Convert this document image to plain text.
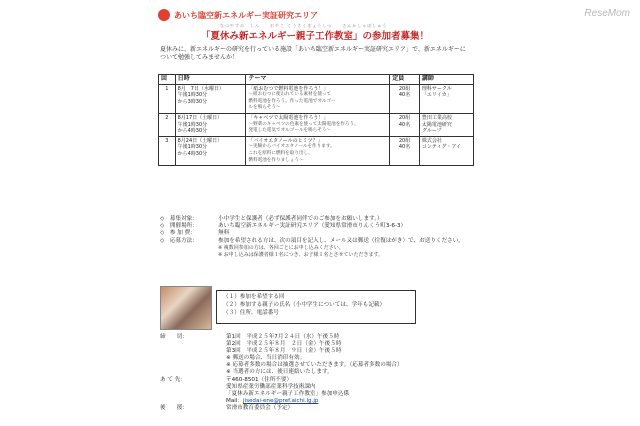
ReseMom
あいち臨空新エネルギー実証研究エリア
なつやすみ　しん　　おやこ こうさくきょうしつ　　さんかしゃぼしゅう
「夏休み新エネルギー親子工作教室」の参加者募集！
夏休みに、新エネルギーの研究を行っている施設「あいち臨空新エネルギー実証研究エリア」で、新エネルギーについて勉強してみませんか！
回	日時	テーマ	定員	講師
1	8月　7日（水曜日）
午後1時30分
から3時30分	「紙おむつで燃料電池を作ろう！」
～紙おむつに使われている素材を使って
燃料電池を作ろう。作った電池でオルゴー
ルを鳴らそう～	20組
40名	理科サークル
「エリイカ」

2	8月17日（土曜日）
午後1時30分
から4時30分	「キャベツで太陽電池を作ろう！」
～野菜のキャベツの色素を使って太陽電池を作ろう。
発電した電気でオルゴールを鳴らそう～	20組
40名	豊田工業高校
太陽電池研究
グループ

3	8月24日（土曜日）
午後1時30分
から4時30分	「バイオエタノールのヒミツ？」
～実験からバイオエタノールを作ります。
これを原料に燃料を取り出し、
燃料電池を作りましょう～	20組
40名	株式会社
コンティグ・アイ
◇　募集対象：	小中学生と保護者（必ず保護者同伴でのご参加をお願いします。）
◇　開催場所：	あいち臨空新エネルギー実証研究エリア（愛知県常滑市りんくう町3-6-3）
◇　参 加 費：	無料
◇　応募方法：	参加を希望される方は、次の項目を記入し、メール又は郵送（往復はがき）で、お送りください。
※ 複数回参加の方は、各回ごとにお申し込みください。
※ お申し込みは保護者様１名につき、お子様１名とさせていただきます。
（１）参加を希望する回
（２）参加する親子の氏名（小中学生については、学年も記載）
（３）住所、電話番号
締　　切：	第1回　平成２５年7月２４日（水）午後５時
第2回　平成２５年８月　２日（金）午後５時
第3回　平成２５年８月　９日（金）午後５時
※ 郵送の場合、当日消印有効。
※ 応募者多数の場合は抽選させていただきます。（応募者多数の場合）
※ 当選者の方には、後日連絡いたします。
あ て 先：	〒460-8501（住所不要）
愛知県産業労働部産業科学技術課内
「夏休み新エネルギー親子工作教室」参加申込係
Mail：jisedai-ene@pref.aichi.lg.jp
後　　援：	常滑市教育委員会（予定）
